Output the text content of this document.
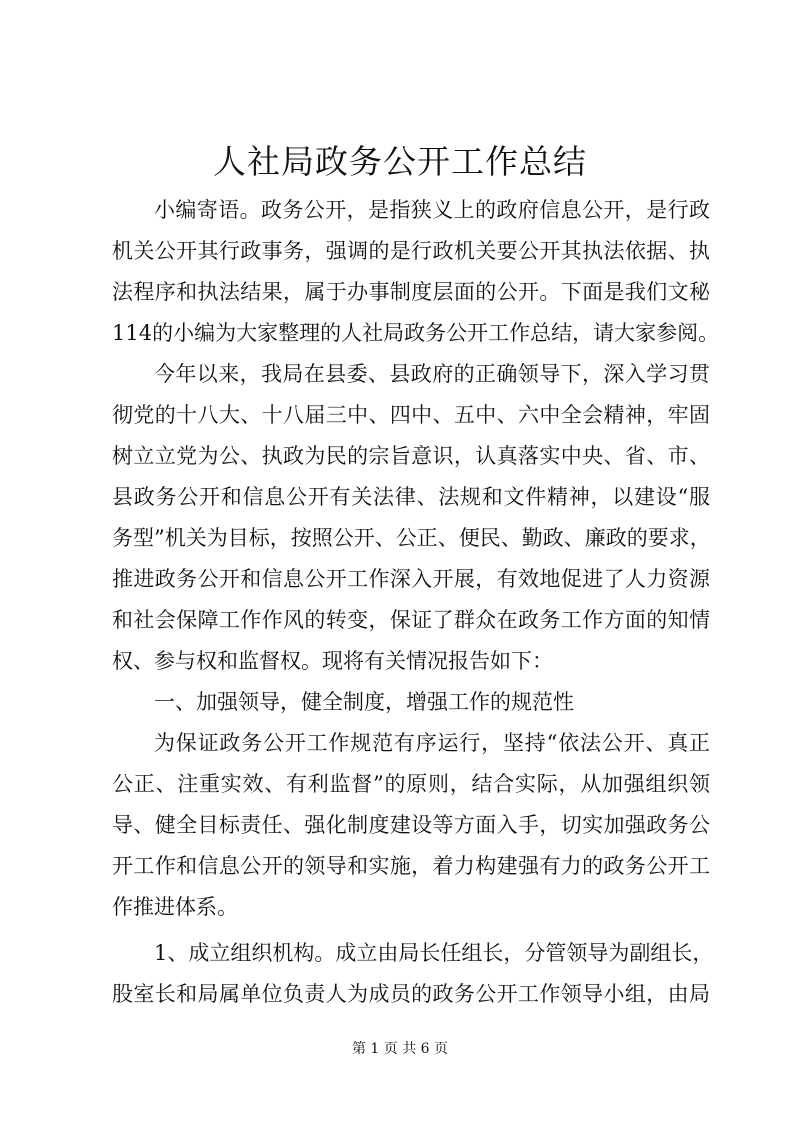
人社局政务公开工作总结
小编寄语。政务公开，是指狭义上的政府信息公开，是行政
机关公开其行政事务，强调的是行政机关要公开其执法依据、执
法程序和执法结果，属于办事制度层面的公开。下面是我们文秘
114的小编为大家整理的人社局政务公开工作总结，请大家参阅。
今年以来，我局在县委、县政府的正确领导下，深入学习贯
彻党的十八大、十八届三中、四中、五中、六中全会精神，牢固
树立立党为公、执政为民的宗旨意识，认真落实中央、省、市、
县政务公开和信息公开有关法律、法规和文件精神，以建设“服
务型”机关为目标，按照公开、公正、便民、勤政、廉政的要求，
推进政务公开和信息公开工作深入开展，有效地促进了人力资源
和社会保障工作作风的转变，保证了群众在政务工作方面的知情
权、参与权和监督权。现将有关情况报告如下：
一、加强领导，健全制度，增强工作的规范性
为保证政务公开工作规范有序运行，坚持“依法公开、真正
公正、注重实效、有利监督”的原则，结合实际，从加强组织领
导、健全目标责任、强化制度建设等方面入手，切实加强政务公
开工作和信息公开的领导和实施，着力构建强有力的政务公开工
作推进体系。
1、成立组织机构。成立由局长任组长，分管领导为副组长，
股室长和局属单位负责人为成员的政务公开工作领导小组，由局
第 1 页 共 6 页
